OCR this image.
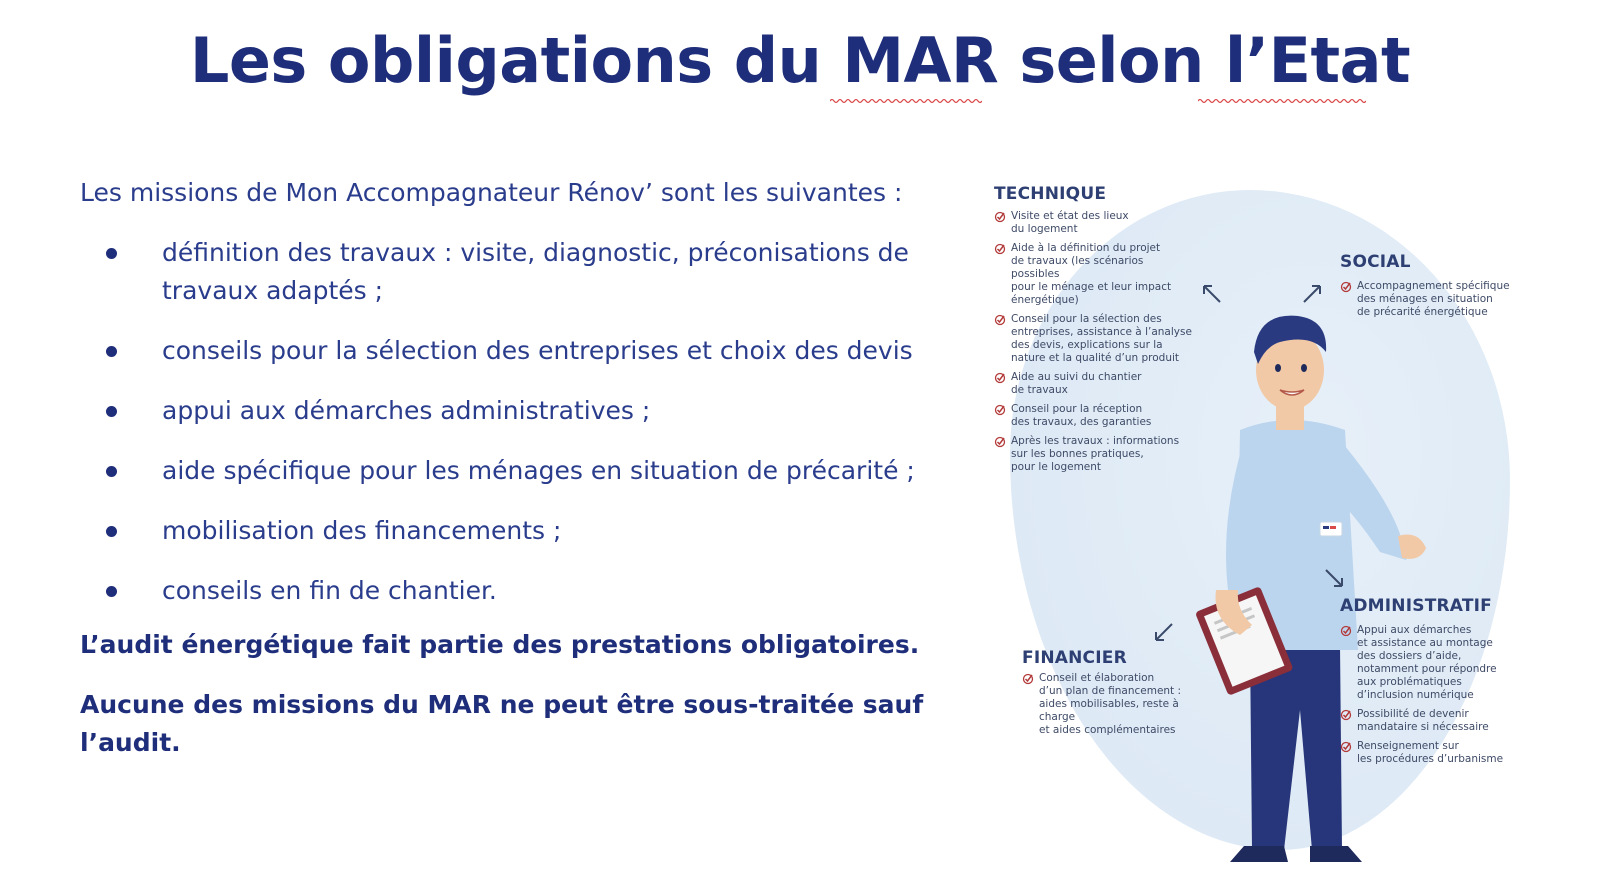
Les obligations du MAR selon l’Etat
Les missions de Mon Accompagnateur Rénov’ sont les suivantes :
définition des travaux : visite, diagnostic, préconisations de travaux adaptés ;
conseils pour la sélection des entreprises et choix des devis
appui aux démarches administratives ;
aide spécifique pour les ménages en situation de précarité ;
mobilisation des financements ;
conseils en fin de chantier.
L’audit énergétique fait partie des prestations obligatoires.
Aucune des missions du MAR ne peut être sous-traitée sauf l’audit.
TECHNIQUE
Visite et état des lieux
du logement
Aide à la définition du projet
de travaux (les scénarios possibles
pour le ménage et leur impact
énergétique)
Conseil pour la sélection des
entreprises, assistance à l’analyse
des devis, explications sur la
nature et la qualité d’un produit
Aide au suivi du chantier
de travaux
Conseil pour la réception
des travaux, des garanties
Après les travaux : informations
sur les bonnes pratiques,
pour le logement
SOCIAL
Accompagnement spécifique
des ménages en situation
de précarité énergétique
ADMINISTRATIF
Appui aux démarches
et assistance au montage
des dossiers d’aide,
notamment pour répondre
aux problématiques
d’inclusion numérique
Possibilité de devenir
mandataire si nécessaire
Renseignement sur
les procédures d’urbanisme
FINANCIER
Conseil et élaboration
d’un plan de financement :
aides mobilisables, reste à charge
et aides complémentaires
